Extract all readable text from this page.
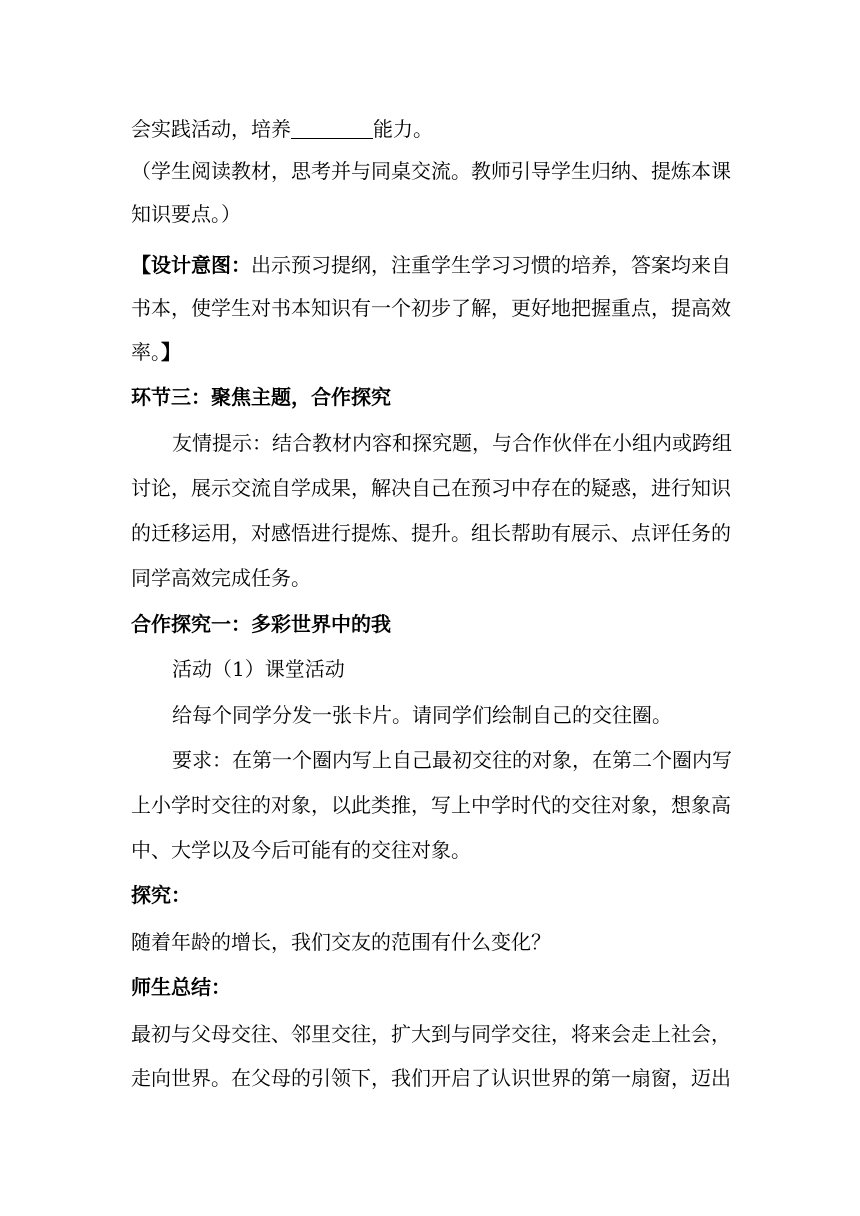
会实践活动，培养	能力。

（学生阅读教材，思考并与同桌交流。教师引导学生归纳、提炼本课

知识要点。）

【设计意图：出示预习提纲，注重学生学习习惯的培养，答案均来自

书本，使学生对书本知识有一个初步了解，更好地把握重点，提高效

率。】

环节三：聚焦主题，合作探究

友情提示：结合教材内容和探究题，与合作伙伴在小组内或跨组

讨论，展示交流自学成果，解决自己在预习中存在的疑惑，进行知识

的迁移运用，对感悟进行提炼、提升。组长帮助有展示、点评任务的

同学高效完成任务。

合作探究一：多彩世界中的我

活动（1）课堂活动

给每个同学分发一张卡片。请同学们绘制自己的交往圈。

要求：在第一个圈内写上自己最初交往的对象，在第二个圈内写

上小学时交往的对象，以此类推，写上中学时代的交往对象，想象高

中、大学以及今后可能有的交往对象。

探究：

随着年龄的增长，我们交友的范围有什么变化？

师生总结：

最初与父母交往、邻里交往，扩大到与同学交往，将来会走上社会，

走向世界。在父母的引领下，我们开启了认识世界的第一扇窗，迈出
